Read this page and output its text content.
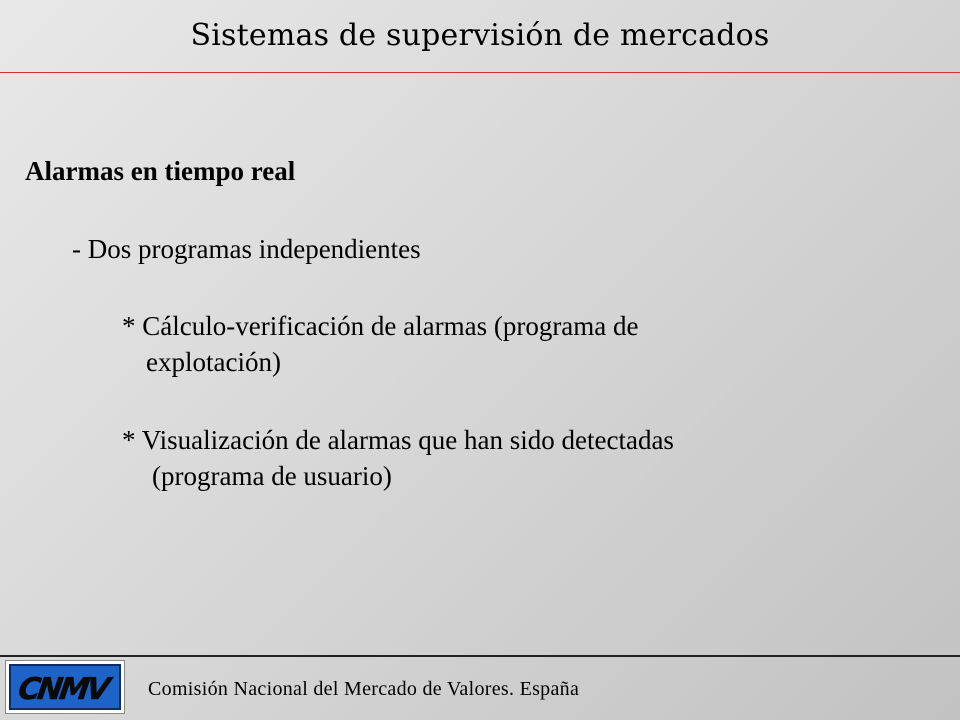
Sistemas de supervisión de mercados
Alarmas en tiempo real
- Dos programas independientes
* Cálculo-verificación de alarmas (programa de
explotación)
* Visualización de alarmas que han sido detectadas
(programa de usuario)
CNMV Comisión Nacional del Mercado de Valores. España
